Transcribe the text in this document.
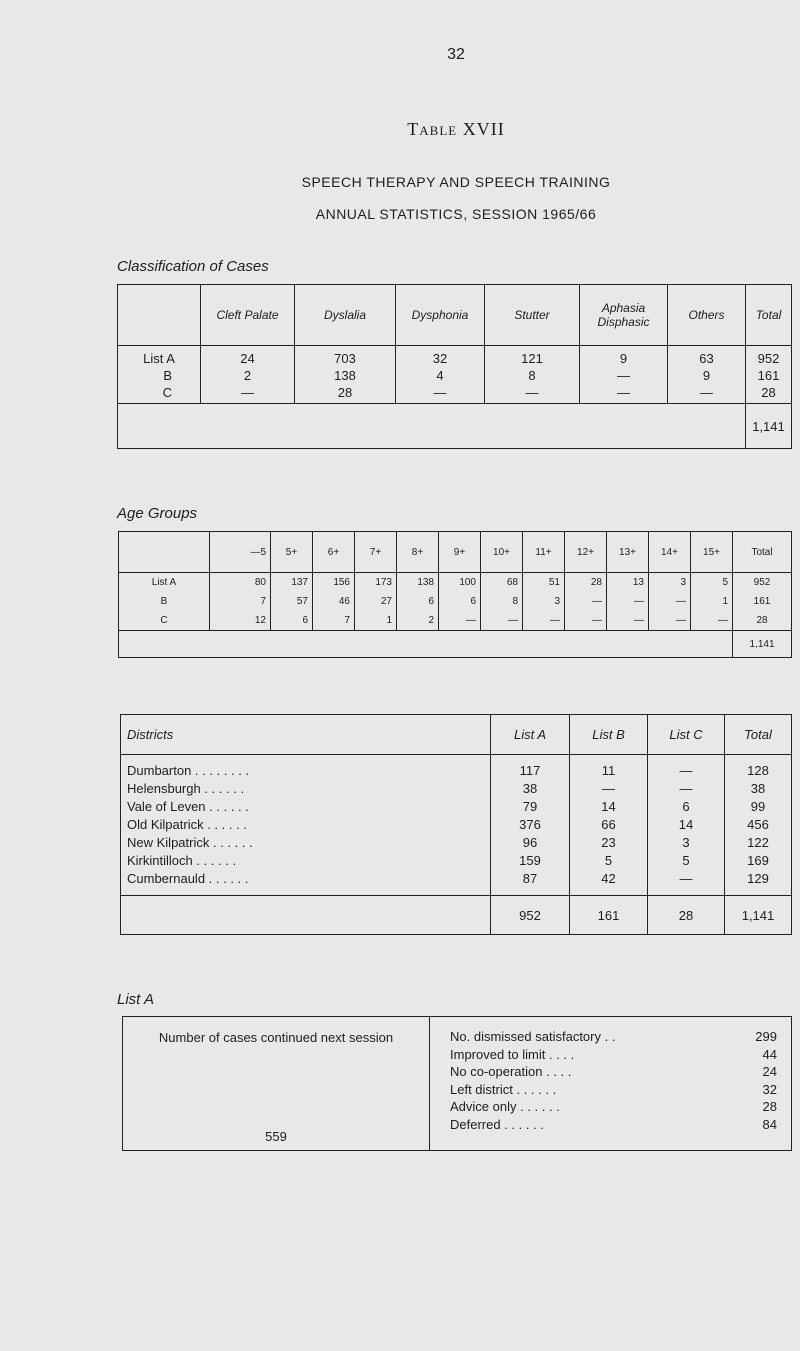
32
Table XVII
SPEECH THERAPY AND SPEECH TRAINING
ANNUAL STATISTICS, SESSION 1965/66
Classification of Cases
	Cleft Palate	Dyslalia	Dysphonia	Stutter	Aphasia Disphasic	Others	Total
List A	24	703	32	121	9	63	952
B	2	138	4	8	—	9	161
C	—	28	—	—	—	—	28
							1,141
Age Groups
	—5	5+	6+	7+	8+	9+	10+	11+	12+	13+	14+	15+	Total
List A	80	137	156	173	138	100	68	51	28	13	3	5	952
B	7	57	46	27	6	6	8	3	—	—	—	1	161
C	12	6	7	1	2	—	—	—	—	—	—	—	28
													1,141
Districts	List A	List B	List C	Total
Dumbarton . . . . . . . .	117	11	—	128
Helensburgh . . . . . .	38	—	—	38
Vale of Leven . . . . . .	79	14	6	99
Old Kilpatrick . . . . . .	376	66	14	456
New Kilpatrick . . . . . .	96	23	3	122
Kirkintilloch . . . . . .	159	5	5	169
Cumbernauld . . . . . .	87	42	—	129
	952	161	28	1,141
List A
Number of cases continued next session
559

No. dismissed satisfactory . .	299
Improved to limit . . . .	44
No co-operation . . . .	24
Left district . . . . . .	32
Advice only . . . . . .	28
Deferred . . . . . .	84
